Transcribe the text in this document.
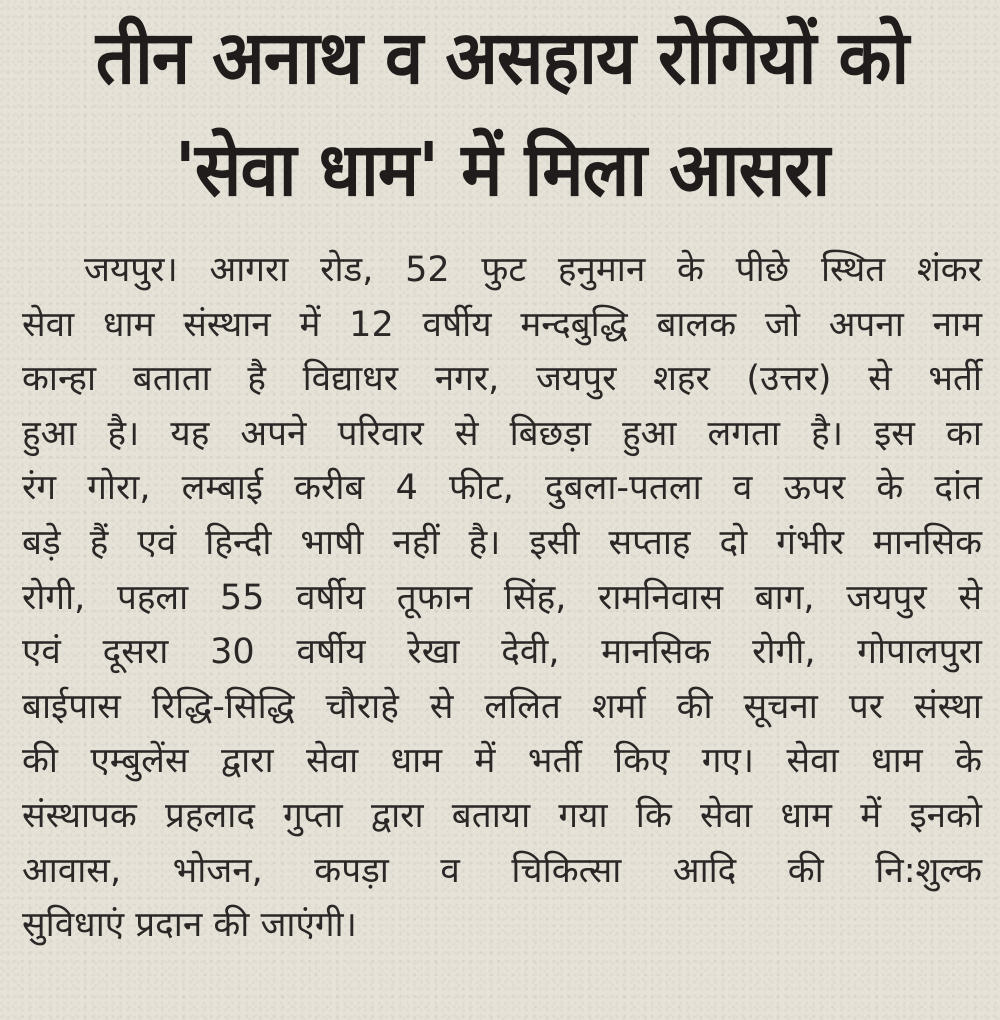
तीन अनाथ व असहाय रोगियों को
'सेवा धाम' में मिला आसरा
जयपुर। आगरा रोड, 52 फुट हनुमान के पीछे स्थित शंकर
सेवा धाम संस्थान में 12 वर्षीय मन्दबुद्धि बालक जो अपना नाम
कान्हा बताता है विद्याधर नगर, जयपुर शहर (उत्तर) से भर्ती
हुआ है। यह अपने परिवार से बिछड़ा हुआ लगता है। इस का
रंग गोरा, लम्बाई करीब 4 फीट, दुबला-पतला व ऊपर के दांत
बड़े हैं एवं हिन्दी भाषी नहीं है। इसी सप्ताह दो गंभीर मानसिक
रोगी, पहला 55 वर्षीय तूफान सिंह, रामनिवास बाग, जयपुर से
एवं दूसरा 30 वर्षीय रेखा देवी, मानसिक रोगी, गोपालपुरा
बाईपास रिद्धि-सिद्धि चौराहे से ललित शर्मा की सूचना पर संस्था
की एम्बुलेंस द्वारा सेवा धाम में भर्ती किए गए। सेवा धाम के
संस्थापक प्रहलाद गुप्ता द्वारा बताया गया कि सेवा धाम में इनको
आवास, भोजन, कपड़ा व चिकित्सा आदि की नि:शुल्क
सुविधाएं प्रदान की जाएंगी।
